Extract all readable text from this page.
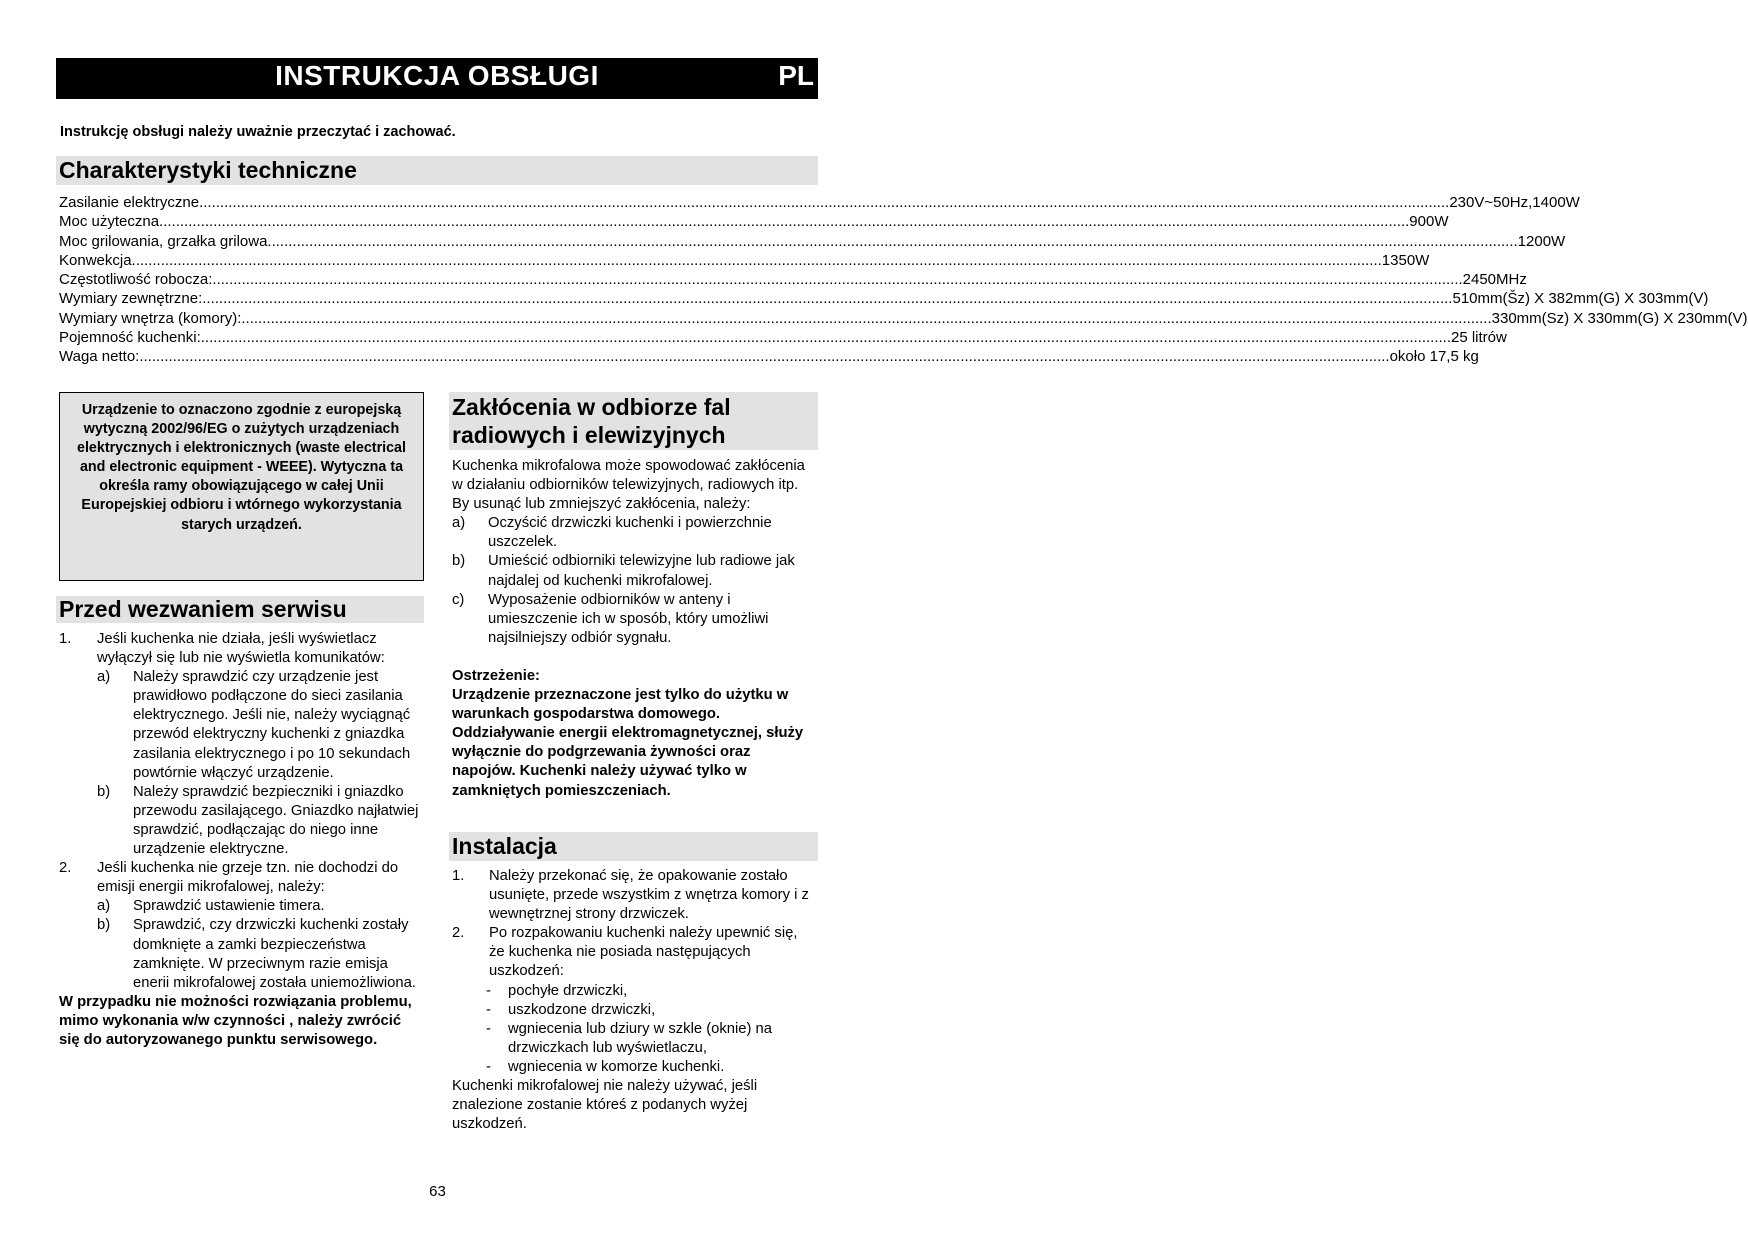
INSTRUKCJA OBSŁUGI	PL
Instrukcję obsługi należy uważnie przeczytać i zachować.
Charakterystyki techniczne
Zasilanie elektryczne ............................................................................................................................................................................................................................................................................................................ 230V~50Hz,1400W
Moc użyteczna ............................................................................................................................................................................................................................................................................................................ 900W
Moc grilowania, grzałka grilowa ............................................................................................................................................................................................................................................................................................................ 1200W
Konwekcja ............................................................................................................................................................................................................................................................................................................ 1350W
Częstotliwość robocza: ............................................................................................................................................................................................................................................................................................................ 2450MHz
Wymiary zewnętrzne: ............................................................................................................................................................................................................................................................................................................ 510mm(Šz) X 382mm(G) X 303mm(V)
Wymiary wnętrza (komory): ............................................................................................................................................................................................................................................................................................................ 330mm(Sz) X 330mm(G) X 230mm(V)
Pojemność kuchenki: ............................................................................................................................................................................................................................................................................................................ 25 litrów
Waga netto: ............................................................................................................................................................................................................................................................................................................ około 17,5 kg
Urządzenie to oznaczono zgodnie z europejską wytyczną 2002/96/EG o zużytych urządzeniach elektrycznych i elektronicznych (waste electrical and electronic equipment - WEEE). Wytyczna ta określa ramy obowiązującego w całej Unii Europejskiej odbioru i wtórnego wykorzystania starych urządzeń.
Przed wezwaniem serwisu
1. Jeśli kuchenka nie działa, jeśli wyświetlacz wyłączył się lub nie wyświetla komunikatów:
a) Należy sprawdzić czy urządzenie jest prawidłowo podłączone do sieci zasilania elektrycznego. Jeśli nie, należy wyciągnąć przewód elektryczny kuchenki z gniazdka zasilania elektrycznego i po 10 sekundach powtórnie włączyć urządzenie.
b) Należy sprawdzić bezpieczniki i gniazdko przewodu zasilającego. Gniazdko najłatwiej sprawdzić, podłączając do niego inne urządzenie elektryczne.
2. Jeśli kuchenka nie grzeje tzn. nie dochodzi do emisji energii mikrofalowej, należy:
a) Sprawdzić ustawienie timera.
b) Sprawdzić, czy drzwiczki kuchenki zostały domknięte a zamki bezpieczeństwa zamknięte. W przeciwnym razie emisja enerii mikrofalowej została uniemożliwiona.
W przypadku nie możności rozwiązania problemu, mimo wykonania w/w czynności , należy zwrócić się do autoryzowanego punktu serwisowego.
Zakłócenia w odbiorze fal
radiowych i elewizyjnych
Kuchenka mikrofalowa może spowodować zakłócenia w działaniu odbiorników telewizyjnych, radiowych itp. By usunąć lub zmniejszyć zakłócenia, należy:
a) Oczyścić drzwiczki kuchenki i powierzchnie uszczelek.
b) Umieścić odbiorniki telewizyjne lub radiowe jak najdalej od kuchenki mikrofalowej.
c) Wyposażenie odbiorników w anteny i umieszczenie ich w sposób, który umożliwi najsilniejszy odbiór sygnału.
Ostrzeżenie:
Urządzenie przeznaczone jest tylko do użytku w warunkach gospodarstwa domowego. Oddziaływanie energii elektromagnetycznej, służy wyłącznie do podgrzewania żywności oraz napojów. Kuchenki należy używać tylko w zamkniętych pomieszczeniach.
Instalacja
1. Należy przekonać się, że opakowanie zostało usunięte, przede wszystkim z wnętrza komory i z wewnętrznej strony drzwiczek.
2. Po rozpakowaniu kuchenki należy upewnić się, że kuchenka nie posiada następujących uszkodzeń:
- pochyłe drzwiczki,
- uszkodzone drzwiczki,
- wgniecenia lub dziury w szkle (oknie) na drzwiczkach lub wyświetlaczu,
- wgniecenia w komorze kuchenki.
Kuchenki mikrofalowej nie należy używać, jeśli znalezione zostanie któreś z podanych wyżej uszkodzeń.
63
